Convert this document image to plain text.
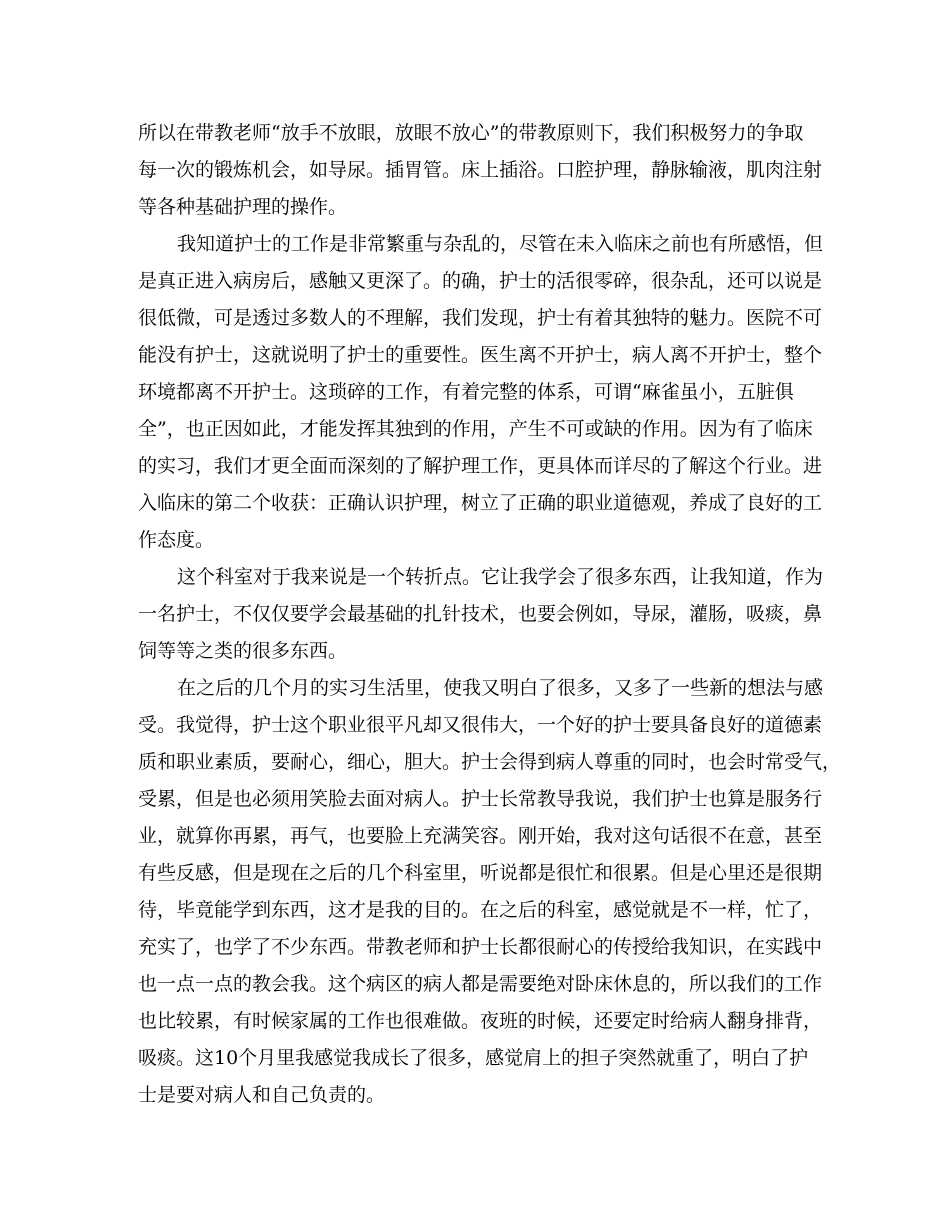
所以在带教老师“放手不放眼，放眼不放心”的带教原则下，我们积极努力的争取
每一次的锻炼机会，如导尿。插胃管。床上插浴。口腔护理，静脉输液，肌肉注射
等各种基础护理的操作。
我知道护士的工作是非常繁重与杂乱的，尽管在未入临床之前也有所感悟，但
是真正进入病房后，感触又更深了。的确，护士的活很零碎，很杂乱，还可以说是
很低微，可是透过多数人的不理解，我们发现，护士有着其独特的魅力。医院不可
能没有护士，这就说明了护士的重要性。医生离不开护士，病人离不开护士，整个
环境都离不开护士。这琐碎的工作，有着完整的体系，可谓“麻雀虽小，五脏俱
全”，也正因如此，才能发挥其独到的作用，产生不可或缺的作用。因为有了临床
的实习，我们才更全面而深刻的了解护理工作，更具体而详尽的了解这个行业。进
入临床的第二个收获：正确认识护理，树立了正确的职业道德观，养成了良好的工
作态度。
这个科室对于我来说是一个转折点。它让我学会了很多东西，让我知道，作为
一名护士，不仅仅要学会最基础的扎针技术，也要会例如，导尿，灌肠，吸痰，鼻
饲等等之类的很多东西。
在之后的几个月的实习生活里，使我又明白了很多，又多了一些新的想法与感
受。我觉得，护士这个职业很平凡却又很伟大，一个好的护士要具备良好的道德素
质和职业素质，要耐心，细心，胆大。护士会得到病人尊重的同时，也会时常受气，
受累，但是也必须用笑脸去面对病人。护士长常教导我说，我们护士也算是服务行
业，就算你再累，再气，也要脸上充满笑容。刚开始，我对这句话很不在意，甚至
有些反感，但是现在之后的几个科室里，听说都是很忙和很累。但是心里还是很期
待，毕竟能学到东西，这才是我的目的。在之后的科室，感觉就是不一样，忙了，
充实了，也学了不少东西。带教老师和护士长都很耐心的传授给我知识，在实践中
也一点一点的教会我。这个病区的病人都是需要绝对卧床休息的，所以我们的工作
也比较累，有时候家属的工作也很难做。夜班的时候，还要定时给病人翻身排背，
吸痰。这10个月里我感觉我成长了很多，感觉肩上的担子突然就重了，明白了护
士是要对病人和自己负责的。
